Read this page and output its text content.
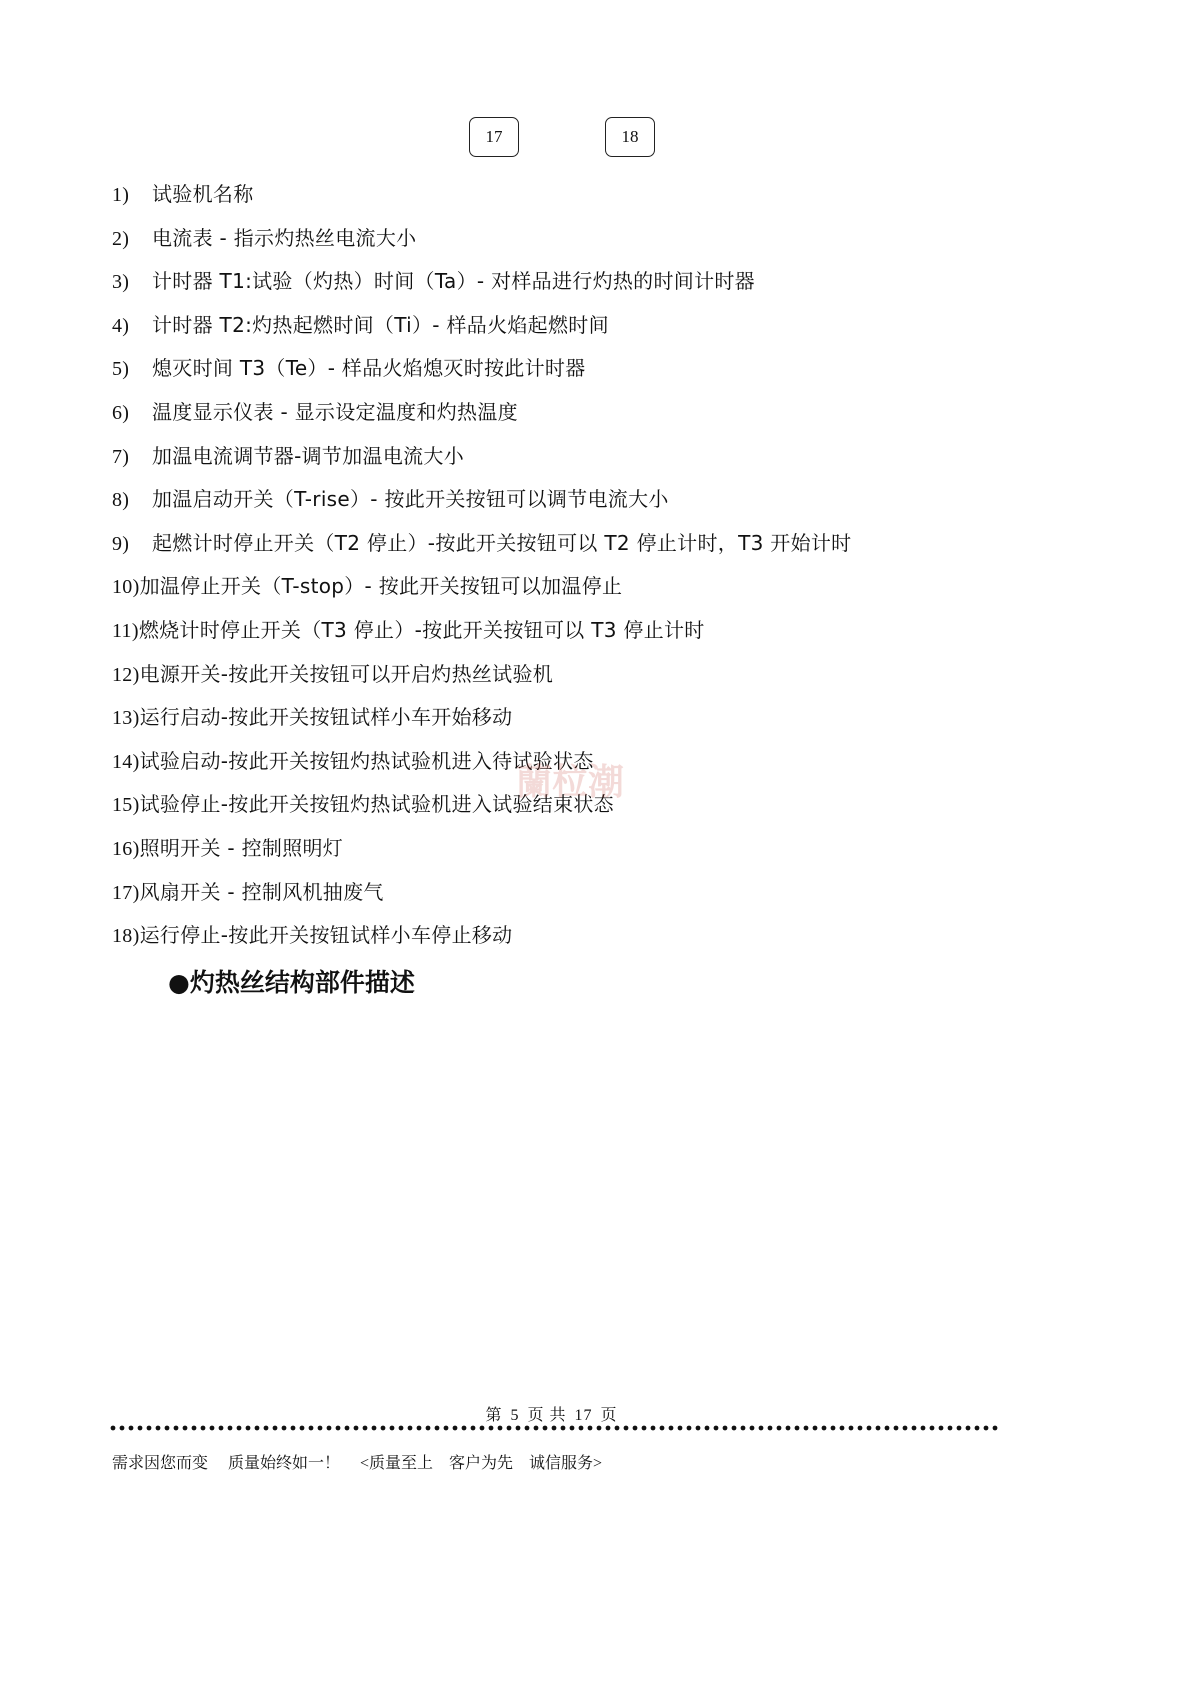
17	18
1) 试验机名称
2) 电流表 - 指示灼热丝电流大小
3) 计时器 T1:试验（灼热）时间（Ta）- 对样品进行灼热的时间计时器
4) 计时器 T2:灼热起燃时间（Ti）- 样品火焰起燃时间
5) 熄灭时间 T3（Te）- 样品火焰熄灭时按此计时器
6) 温度显示仪表 - 显示设定温度和灼热温度
7) 加温电流调节器-调节加温电流大小
8) 加温启动开关（T-rise）- 按此开关按钮可以调节电流大小
9) 起燃计时停止开关（T2 停止）-按此开关按钮可以 T2 停止计时，T3 开始计时
10)加温停止开关（T-stop）- 按此开关按钮可以加温停止
11)燃烧计时停止开关（T3 停止）-按此开关按钮可以 T3 停止计时
12)电源开关-按此开关按钮可以开启灼热丝试验机
13)运行启动-按此开关按钮试样小车开始移动
14)试验启动-按此开关按钮灼热试验机进入待试验状态
15)试验停止-按此开关按钮灼热试验机进入试验结束状态
16)照明开关 - 控制照明灯
17)风扇开关 - 控制风机抽废气
18)运行停止-按此开关按钮试样小车停止移动
蘭柆潮
●灼热丝结构部件描述
第 5 页 共 17 页
需求因您而变 质量始终如一！ <质量至上　客户为先　诚信服务>
